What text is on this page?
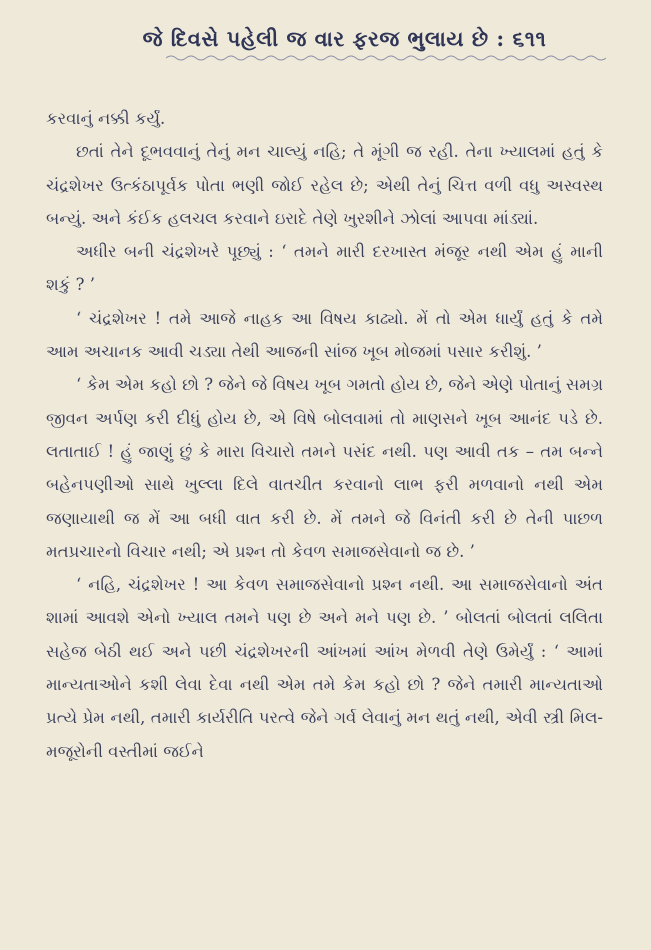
જે દિવસે પહેલી જ વાર ફરજ ભુલાય છે : ૬૧૧

કરવાનું નક્કી કર્યું.

છતાં તેને દૂભવવાનું તેનું મન ચાલ્યું નહિ; તે મૂંગી જ રહી. તેના ખ્યાલમાં હતું કે ચંદ્રશેખર ઉત્કંઠાપૂર્વક પોતા ભણી જોઈ રહેલ છે; એથી તેનું ચિત્ત વળી વધુ અસ્વસ્થ બન્યું. અને કંઈક હલચલ કરવાને ઇરાદે તેણે ખુરશીને ઝોલાં આપવા માંડ્યાં.

અધીર બની ચંદ્રશેખરે પૂછ્યું : ‘ તમને મારી દરખાસ્ત મંજૂર નથી એમ હું માની શકું ? ’

‘ ચંદ્રશેખર ! તમે આજે નાહક આ વિષય કાઢ્યો. મેં તો એમ ધાર્યું હતું કે તમે આમ અચાનક આવી ચડ્યા તેથી આજની સાંજ ખૂબ મોજમાં પસાર કરીશું. ’

‘ કેમ એમ કહો છો ? જેને જે વિષય ખૂબ ગમતો હોય છે, જેને એણે પોતાનું સમગ્ર જીવન અર્પણ કરી દીધું હોય છે, એ વિષે બોલવામાં તો માણસને ખૂબ આનંદ પડે છે. લતાતાઈ ! હું જાણું છું કે મારા વિચારો તમને પસંદ નથી. પણ આવી તક – તમ બન્ને બહેનપણીઓ સાથે ખુલ્લા દિલે વાતચીત કરવાનો લાભ ફરી મળવાનો નથી એમ જણાયાથી જ મેં આ બધી વાત કરી છે. મેં તમને જે વિનંતી કરી છે તેની પાછળ મતપ્રચારનો વિચાર નથી; એ પ્રશ્ન તો કેવળ સમાજસેવાનો જ છે. ’

‘ નહિ, ચંદ્રશેખર ! આ કેવળ સમાજસેવાનો પ્રશ્ન નથી. આ સમાજસેવાનો અંત શામાં આવશે એનો ખ્યાલ તમને પણ છે અને મને પણ છે. ’ બોલતાં બોલતાં લલિતા સહેજ બેઠી થઈ અને પછી ચંદ્રશેખરની આંખમાં આંખ મેળવી તેણે ઉમેર્યું : ‘ આમાં માન્યતાઓને કશી લેવા દેવા નથી એમ તમે કેમ કહો છો ? જેને તમારી માન્યતાઓ પ્રત્યે પ્રેમ નથી, તમારી કાર્યરીતિ પરત્વે જેને ગર્વ લેવાનું મન થતું નથી, એવી સ્ત્રી મિલ-મજૂરોની વસ્તીમાં જઈને
